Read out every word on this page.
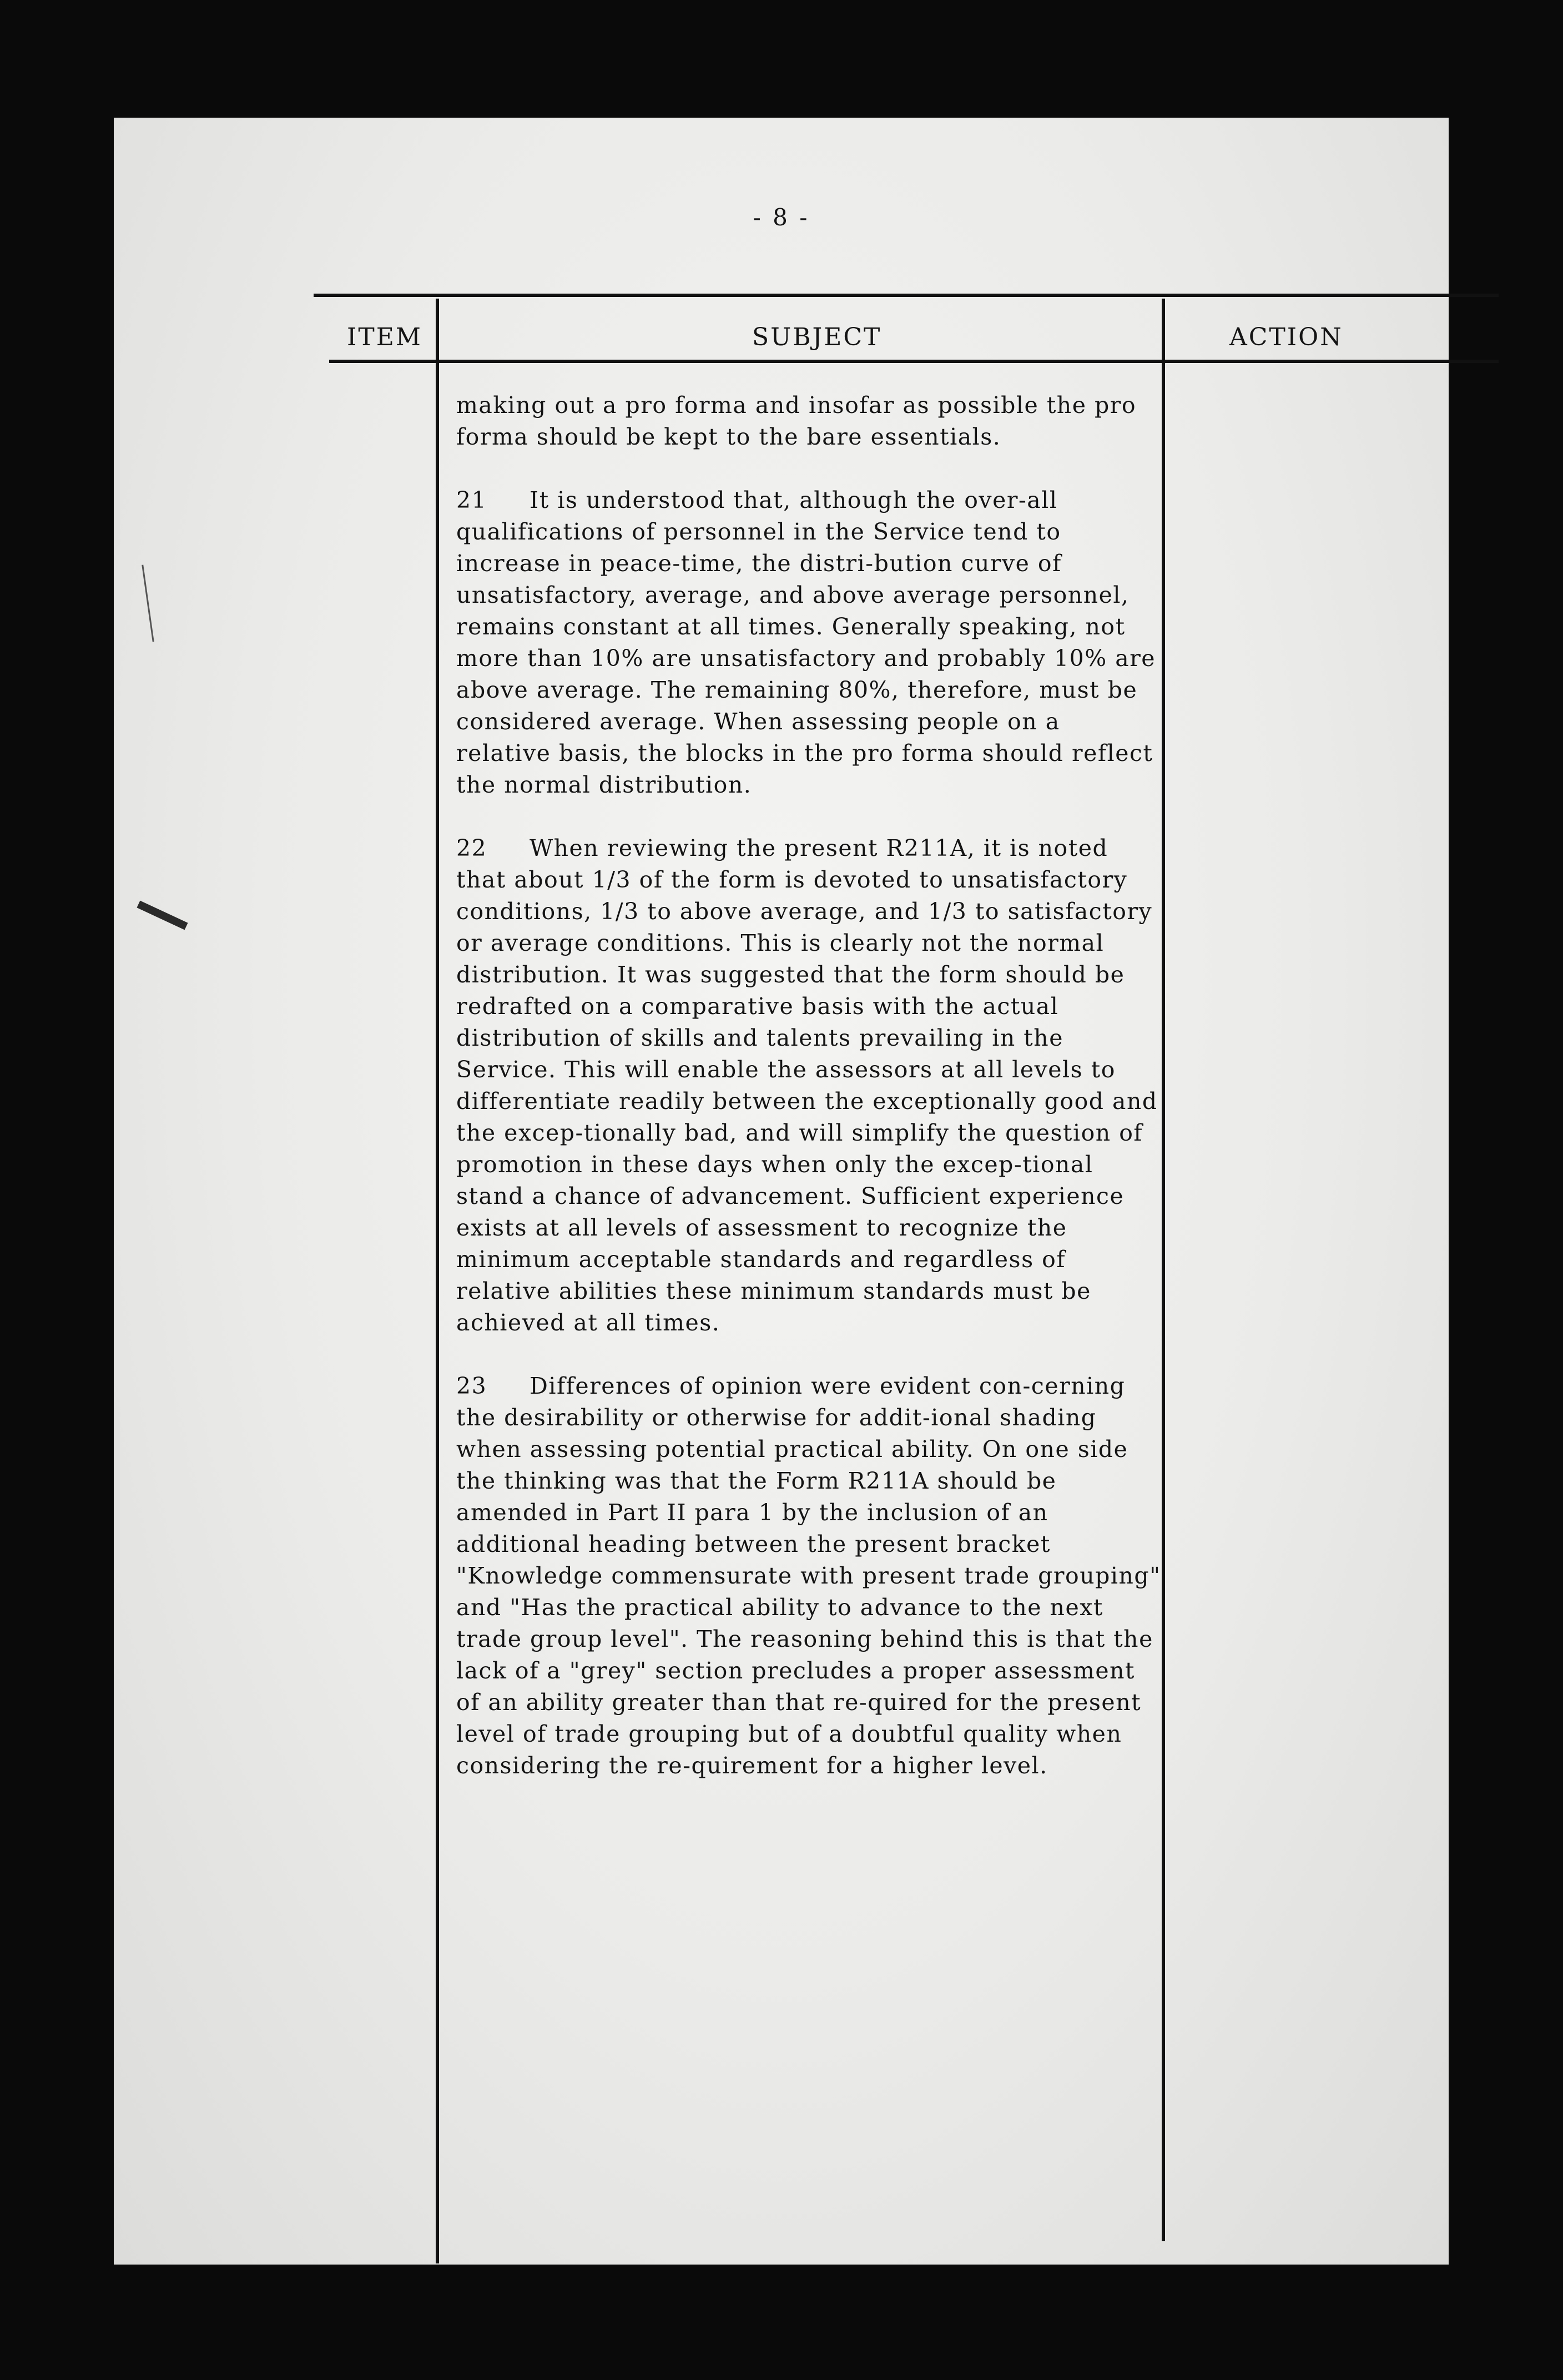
- 8 -
ITEM	SUBJECT	ACTION

making out a pro forma and insofar as possible the pro forma should be kept to the bare essentials.

21 It is understood that, although the over-all qualifications of personnel in the Service tend to increase in peace-time, the distri-bution curve of unsatisfactory, average, and above average personnel, remains constant at all times. Generally speaking, not more than 10% are unsatisfactory and probably 10% are above average. The remaining 80%, therefore, must be considered average. When assessing people on a relative basis, the blocks in the pro forma should reflect the normal distribution.

22 When reviewing the present R211A, it is noted that about 1/3 of the form is devoted to unsatisfactory conditions, 1/3 to above average, and 1/3 to satisfactory or average conditions. This is clearly not the normal distribution. It was suggested that the form should be redrafted on a comparative basis with the actual distribution of skills and talents prevailing in the Service. This will enable the assessors at all levels to differentiate readily between the exceptionally good and the excep-tionally bad, and will simplify the question of promotion in these days when only the excep-tional stand a chance of advancement. Sufficient experience exists at all levels of assessment to recognize the minimum acceptable standards and regardless of relative abilities these minimum standards must be achieved at all times.

23 Differences of opinion were evident con-cerning the desirability or otherwise for addit-ional shading when assessing potential practical ability. On one side the thinking was that the Form R211A should be amended in Part II para 1 by the inclusion of an additional heading between the present bracket "Knowledge commensurate with present trade grouping" and "Has the practical ability to advance to the next trade group level". The reasoning behind this is that the lack of a "grey" section precludes a proper assessment of an ability greater than that re-quired for the present level of trade grouping but of a doubtful quality when considering the re-quirement for a higher level.
